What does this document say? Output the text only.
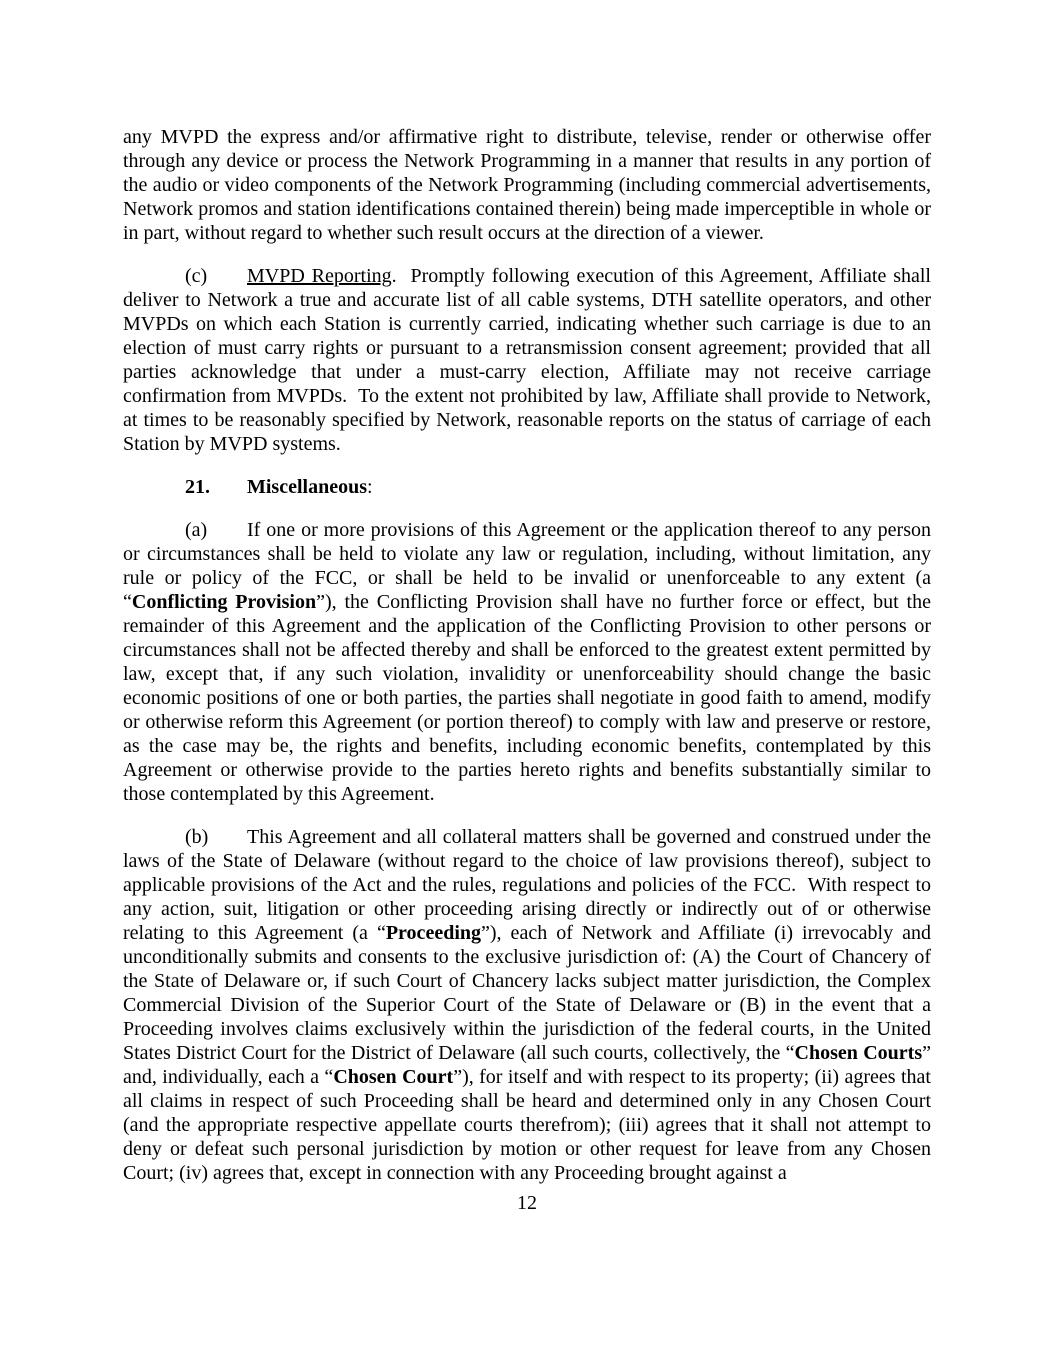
any MVPD the express and/or affirmative right to distribute, televise, render or otherwise offer through any device or process the Network Programming in a manner that results in any portion of the audio or video components of the Network Programming (including commercial advertisements, Network promos and station identifications contained therein) being made imperceptible in whole or in part, without regard to whether such result occurs at the direction of a viewer.

(c) MVPD Reporting.  Promptly following execution of this Agreement, Affiliate shall deliver to Network a true and accurate list of all cable systems, DTH satellite operators, and other MVPDs on which each Station is currently carried, indicating whether such carriage is due to an election of must carry rights or pursuant to a retransmission consent agreement; provided that all parties acknowledge that under a must-carry election, Affiliate may not receive carriage confirmation from MVPDs.  To the extent not prohibited by law, Affiliate shall provide to Network, at times to be reasonably specified by Network, reasonable reports on the status of carriage of each Station by MVPD systems.

21. Miscellaneous:

(a) If one or more provisions of this Agreement or the application thereof to any person or circumstances shall be held to violate any law or regulation, including, without limitation, any rule or policy of the FCC, or shall be held to be invalid or unenforceable to any extent (a “Conflicting Provision”), the Conflicting Provision shall have no further force or effect, but the remainder of this Agreement and the application of the Conflicting Provision to other persons or circumstances shall not be affected thereby and shall be enforced to the greatest extent permitted by law, except that, if any such violation, invalidity or unenforceability should change the basic economic positions of one or both parties, the parties shall negotiate in good faith to amend, modify or otherwise reform this Agreement (or portion thereof) to comply with law and preserve or restore, as the case may be, the rights and benefits, including economic benefits, contemplated by this Agreement or otherwise provide to the parties hereto rights and benefits substantially similar to those contemplated by this Agreement.

(b) This Agreement and all collateral matters shall be governed and construed under the laws of the State of Delaware (without regard to the choice of law provisions thereof), subject to applicable provisions of the Act and the rules, regulations and policies of the FCC.  With respect to any action, suit, litigation or other proceeding arising directly or indirectly out of or otherwise relating to this Agreement (a “Proceeding”), each of Network and Affiliate (i) irrevocably and unconditionally submits and consents to the exclusive jurisdiction of: (A) the Court of Chancery of the State of Delaware or, if such Court of Chancery lacks subject matter jurisdiction, the Complex Commercial Division of the Superior Court of the State of Delaware or (B) in the event that a Proceeding involves claims exclusively within the jurisdiction of the federal courts, in the United States District Court for the District of Delaware (all such courts, collectively, the “Chosen Courts” and, individually, each a “Chosen Court”), for itself and with respect to its property; (ii) agrees that all claims in respect of such Proceeding shall be heard and determined only in any Chosen Court (and the appropriate respective appellate courts therefrom); (iii) agrees that it shall not attempt to deny or defeat such personal jurisdiction by motion or other request for leave from any Chosen Court; (iv) agrees that, except in connection with any Proceeding brought against a

12
